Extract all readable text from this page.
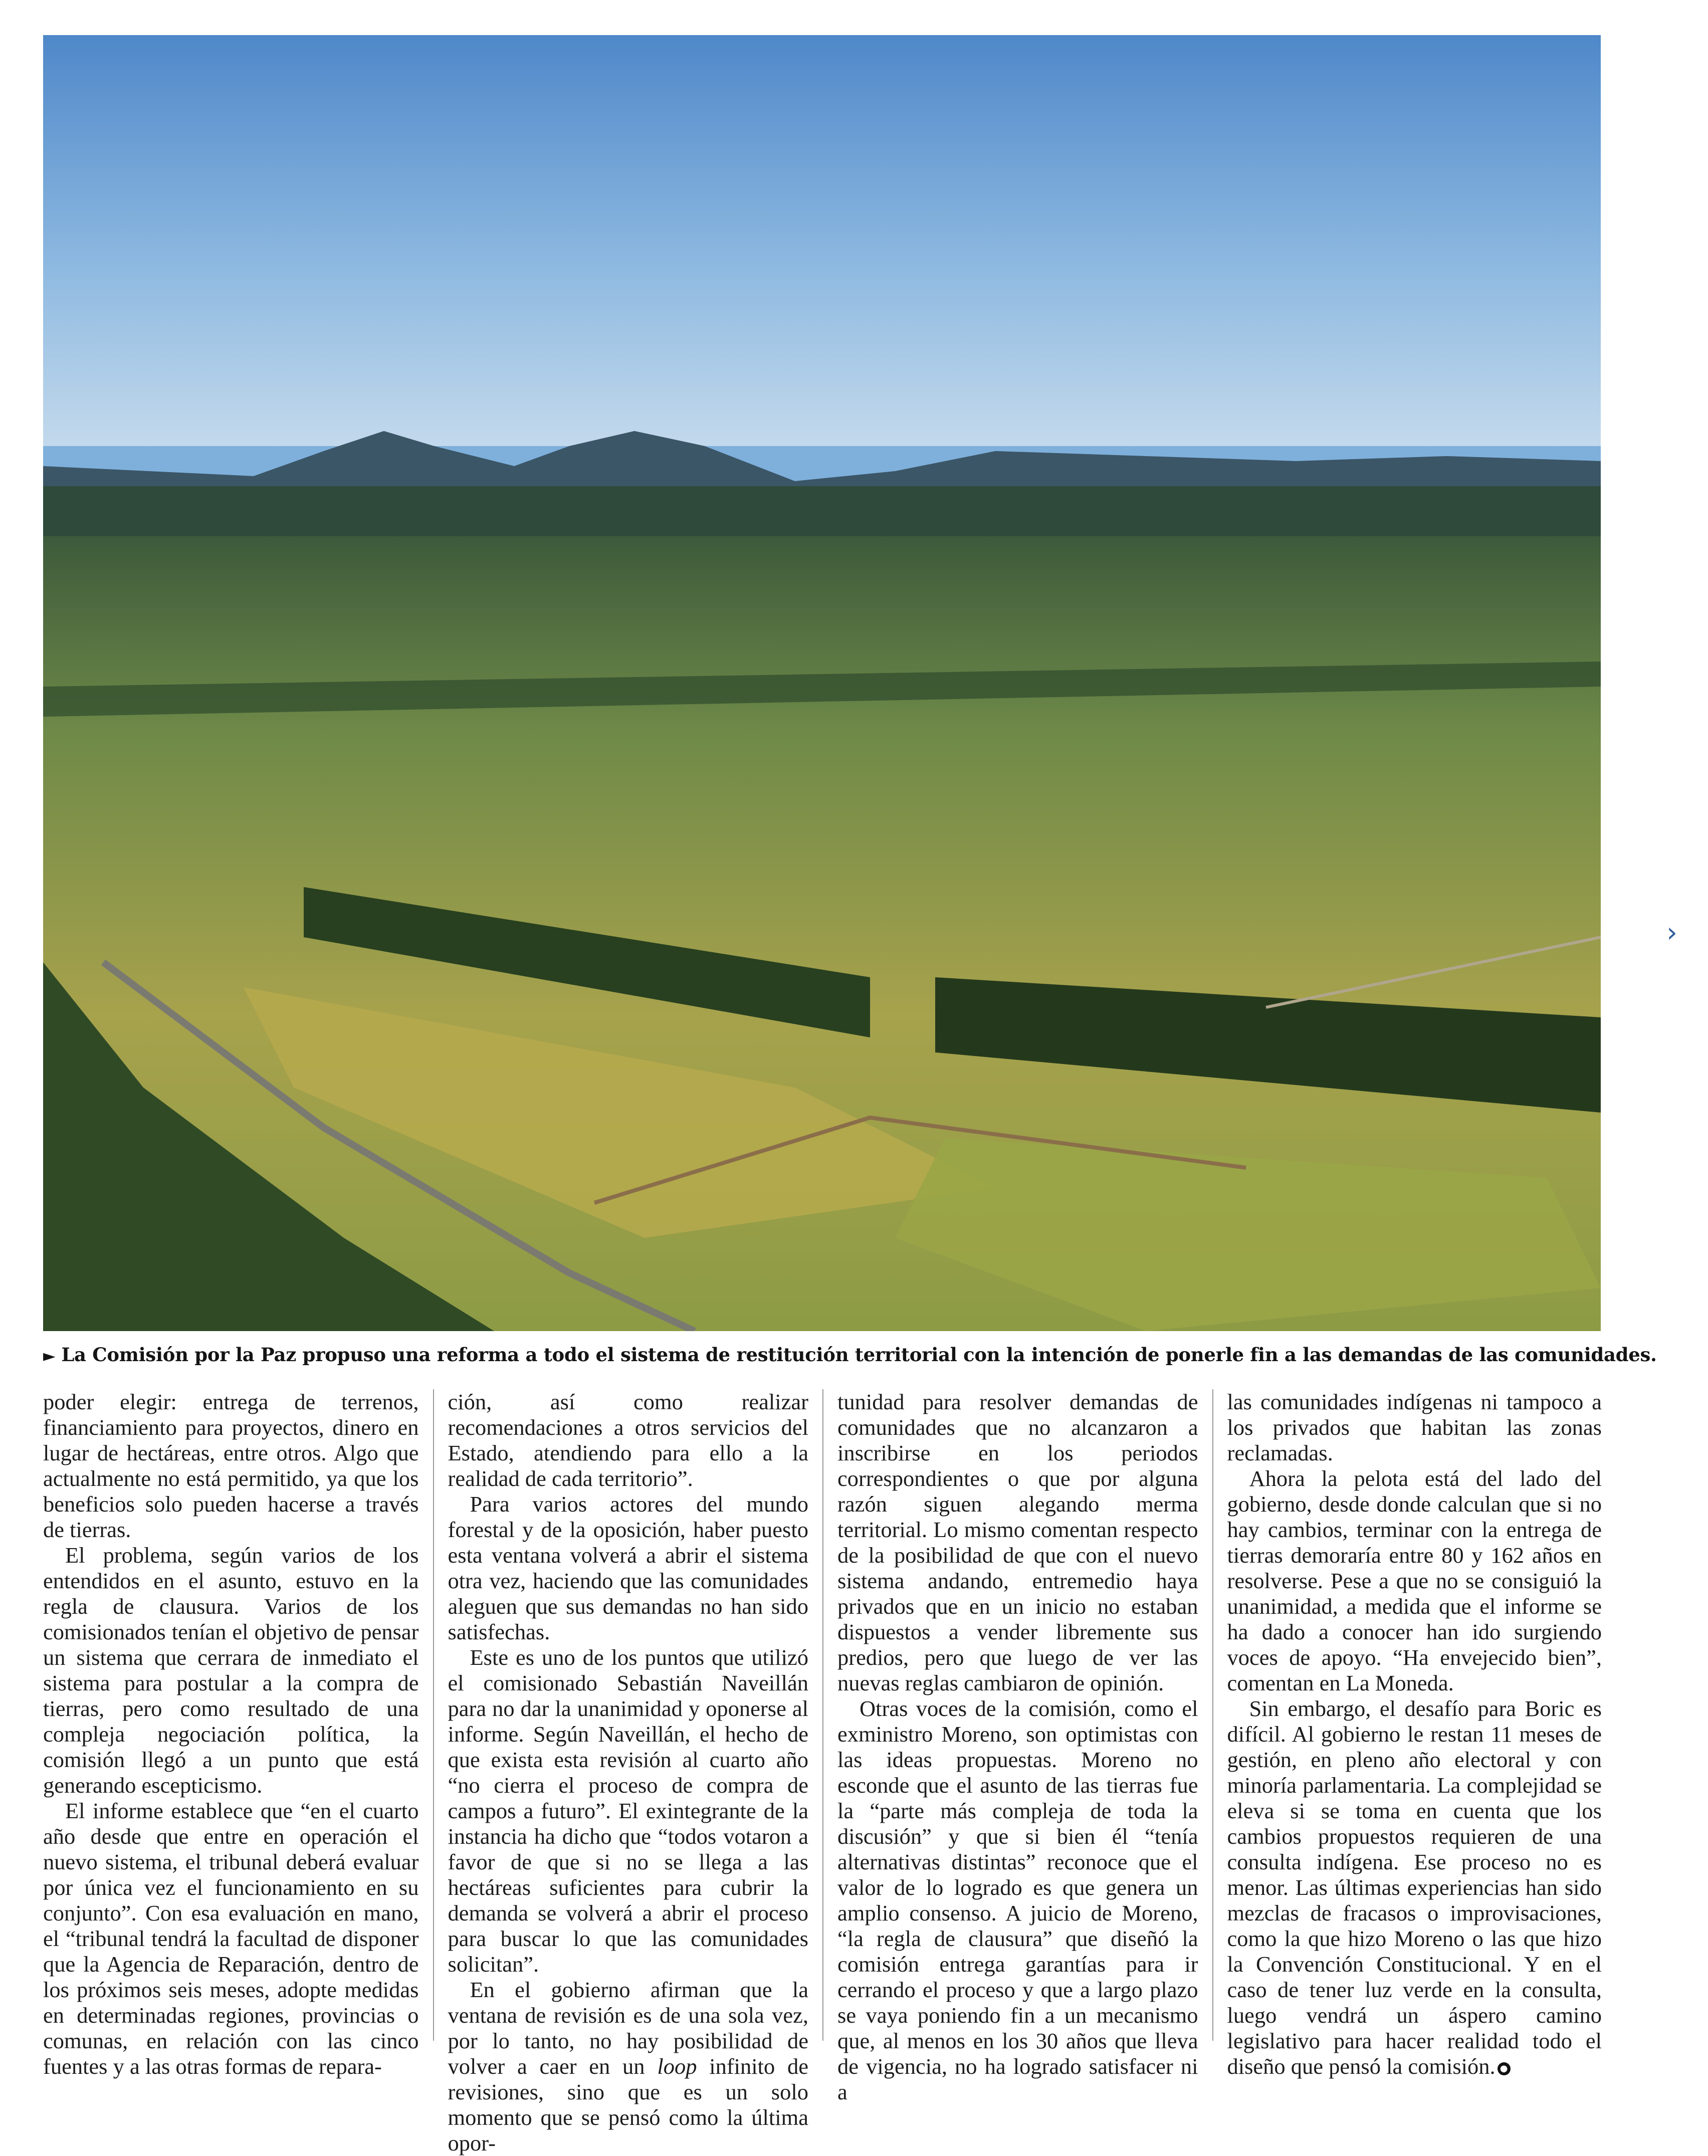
► La Comisión por la Paz propuso una reforma a todo el sistema de restitución territorial con la intención de ponerle fin a las demandas de las comunidades.

poder elegir: entrega de terrenos, financiamiento para proyectos, dinero en lugar de hectáreas, entre otros. Algo que actualmente no está permitido, ya que los beneficios solo pueden hacerse a través de tierras.

El problema, según varios de los entendidos en el asunto, estuvo en la regla de clausura. Varios de los comisionados tenían el objetivo de pensar un sistema que cerrara de inmediato el sistema para postular a la compra de tierras, pero como resultado de una compleja negociación política, la comisión llegó a un punto que está generando escepticismo.

El informe establece que “en el cuarto año desde que entre en operación el nuevo sistema, el tribunal deberá evaluar por única vez el funcionamiento en su conjunto”. Con esa evaluación en mano, el “tribunal tendrá la facultad de disponer que la Agencia de Reparación, dentro de los próximos seis meses, adopte medidas en determinadas regiones, provincias o comunas, en relación con las cinco fuentes y a las otras formas de repara-

ción, así como realizar recomendaciones a otros servicios del Estado, atendiendo para ello a la realidad de cada territorio”.

Para varios actores del mundo forestal y de la oposición, haber puesto esta ventana volverá a abrir el sistema otra vez, haciendo que las comunidades aleguen que sus demandas no han sido satisfechas.

Este es uno de los puntos que utilizó el comisionado Sebastián Naveillán para no dar la unanimidad y oponerse al informe. Según Naveillán, el hecho de que exista esta revisión al cuarto año “no cierra el proceso de compra de campos a futuro”. El exintegrante de la instancia ha dicho que “todos votaron a favor de que si no se llega a las hectáreas suficientes para cubrir la demanda se volverá a abrir el proceso para buscar lo que las comunidades solicitan”.

En el gobierno afirman que la ventana de revisión es de una sola vez, por lo tanto, no hay posibilidad de volver a caer en un loop infinito de revisiones, sino que es un solo momento que se pensó como la última opor-

tunidad para resolver demandas de comunidades que no alcanzaron a inscribirse en los periodos correspondientes o que por alguna razón siguen alegando merma territorial. Lo mismo comentan respecto de la posibilidad de que con el nuevo sistema andando, entremedio haya privados que en un inicio no estaban dispuestos a vender libremente sus predios, pero que luego de ver las nuevas reglas cambiaron de opinión.

Otras voces de la comisión, como el exministro Moreno, son optimistas con las ideas propuestas. Moreno no esconde que el asunto de las tierras fue la “parte más compleja de toda la discusión” y que si bien él “tenía alternativas distintas” reconoce que el valor de lo logrado es que genera un amplio consenso. A juicio de Moreno, “la regla de clausura” que diseñó la comisión entrega garantías para ir cerrando el proceso y que a largo plazo se vaya poniendo fin a un mecanismo que, al menos en los 30 años que lleva de vigencia, no ha logrado satisfacer ni a

las comunidades indígenas ni tampoco a los privados que habitan las zonas reclamadas.

Ahora la pelota está del lado del gobierno, desde donde calculan que si no hay cambios, terminar con la entrega de tierras demoraría entre 80 y 162 años en resolverse. Pese a que no se consiguió la unanimidad, a medida que el informe se ha dado a conocer han ido surgiendo voces de apoyo. “Ha envejecido bien”, comentan en La Moneda.

Sin embargo, el desafío para Boric es difícil. Al gobierno le restan 11 meses de gestión, en pleno año electoral y con minoría parlamentaria. La complejidad se eleva si se toma en cuenta que los cambios propuestos requieren de una consulta indígena. Ese proceso no es menor. Las últimas experiencias han sido mezclas de fracasos o improvisaciones, como la que hizo Moreno o las que hizo la Convención Constitucional. Y en el caso de tener luz verde en la consulta, luego vendrá un áspero camino legislativo para hacer realidad todo el diseño que pensó la comisión. ●

›
